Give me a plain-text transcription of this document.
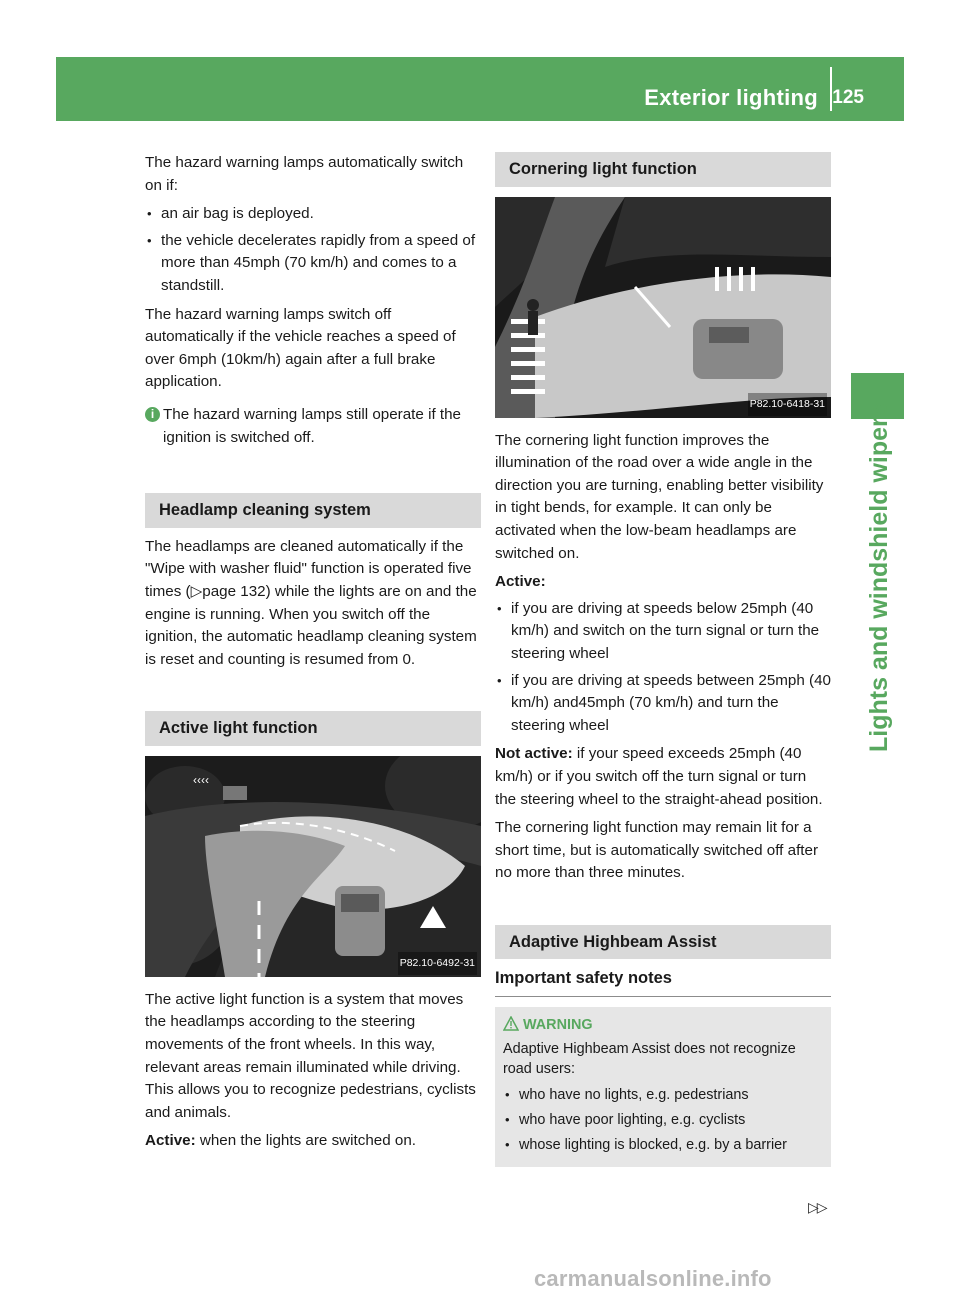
Exterior lighting 125
Lights and windshield wipers

The hazard warning lamps automatically switch on if:

• an air bag is deployed.
• the vehicle decelerates rapidly from a speed of more than 45mph (70 km/h) and comes to a standstill.

The hazard warning lamps switch off automatically if the vehicle reaches a speed of over 6mph (10km/h) again after a full brake application.

i The hazard warning lamps still operate if the ignition is switched off.
Headlamp cleaning system

The headlamps are cleaned automatically if the "Wipe with washer fluid" function is operated five times (▷page 132) while the lights are on and the engine is running. When you switch off the ignition, the automatic headlamp cleaning system is reset and counting is resumed from 0.

Active light function
‹‹‹‹
P82.10-6492-31

The active light function is a system that moves the headlamps according to the steering movements of the front wheels. In this way, relevant areas remain illuminated while driving. This allows you to recognize pedestrians, cyclists and animals.

Active: when the lights are switched on.

Cornering light function
P82.10-6418-31

The cornering light function improves the illumination of the road over a wide angle in the direction you are turning, enabling better visibility in tight bends, for example. It can only be activated when the low-beam headlamps are switched on.

Active:

• if you are driving at speeds below 25mph (40 km/h) and switch on the turn signal or turn the steering wheel
• if you are driving at speeds between 25mph (40 km/h) and45mph (70 km/h) and turn the steering wheel

Not active: if your speed exceeds 25mph (40 km/h) or if you switch off the turn signal or turn the steering wheel to the straight-ahead position.

The cornering light function may remain lit for a short time, but is automatically switched off after no more than three minutes.

Adaptive Highbeam Assist
Important safety notes
WARNING

Adaptive Highbeam Assist does not recognize road users:

• who have no lights, e.g. pedestrians
• who have poor lighting, e.g. cyclists
• whose lighting is blocked, e.g. by a barrier
▷▷
carmanualsonline.info
